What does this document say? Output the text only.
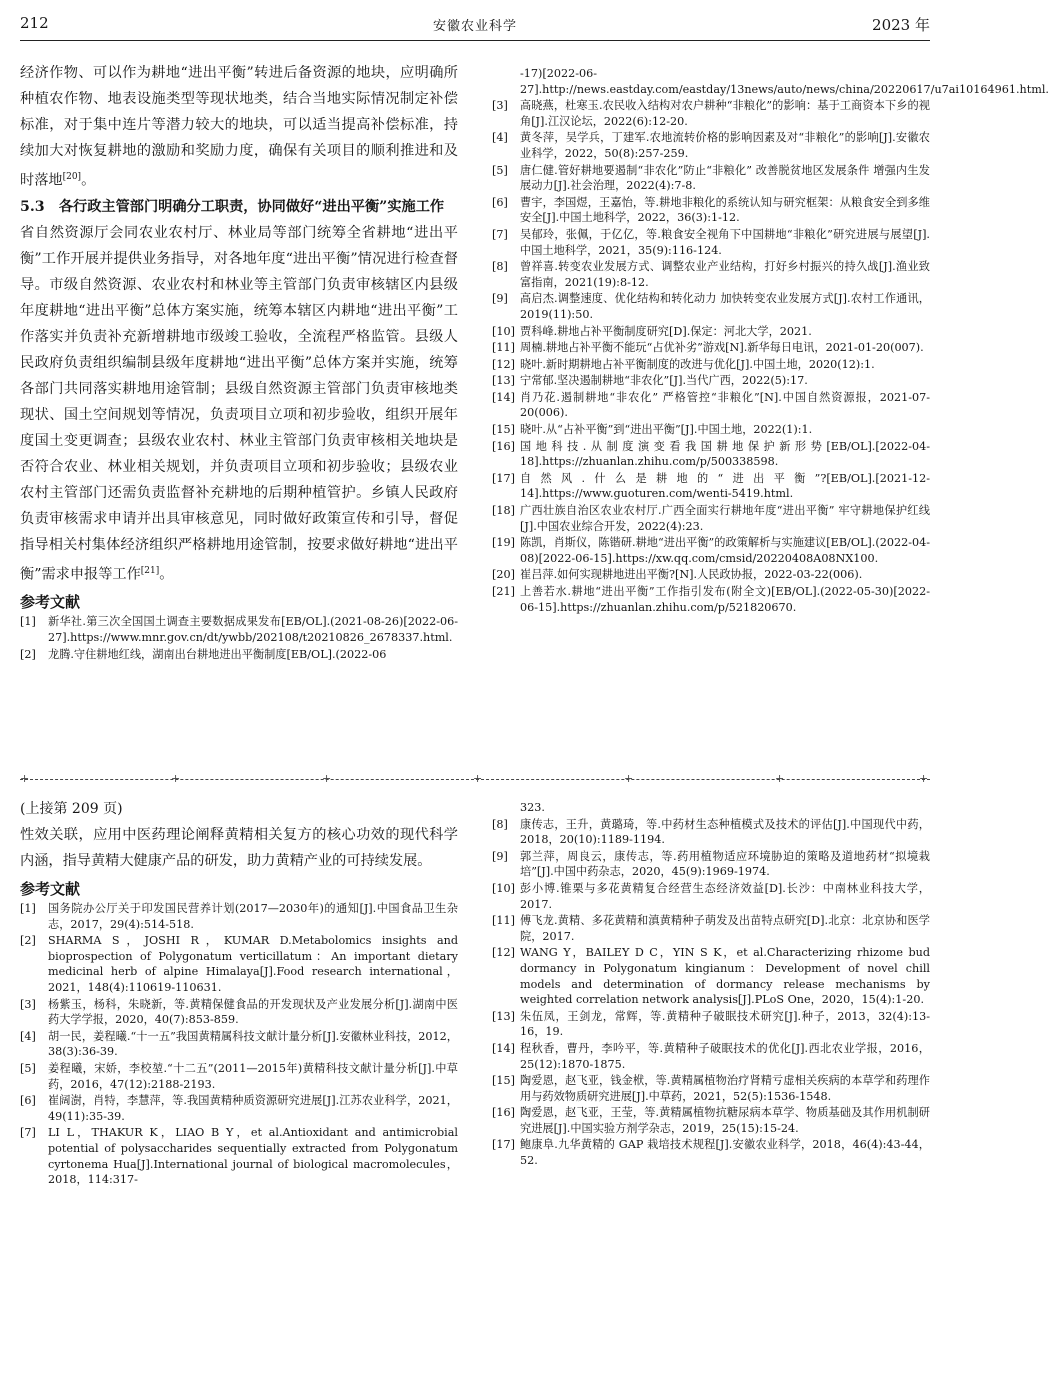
212	安徽农业科学	2023 年

经济作物、可以作为耕地“进出平衡”转进后备资源的地块，应明确所种植农作物、地表设施类型等现状地类，结合当地实际情况制定补偿标准，对于集中连片等潜力较大的地块，可以适当提高补偿标准，持续加大对恢复耕地的激励和奖励力度，确保有关项目的顺利推进和及时落地[20]。

5.3　各行政主管部门明确分工职责，协同做好“进出平衡”实施工作　省自然资源厅会同农业农村厅、林业局等部门统筹全省耕地“进出平衡”工作开展并提供业务指导，对各地年度“进出平衡”情况进行检查督导。市级自然资源、农业农村和林业等主管部门负责审核辖区内县级年度耕地“进出平衡”总体方案实施，统筹本辖区内耕地“进出平衡”工作落实并负责补充新增耕地市级竣工验收，全流程严格监管。县级人民政府负责组织编制县级年度耕地“进出平衡”总体方案并实施，统筹各部门共同落实耕地用途管制；县级自然资源主管部门负责审核地类现状、国土空间规划等情况，负责项目立项和初步验收，组织开展年度国土变更调查；县级农业农村、林业主管部门负责审核相关地块是否符合农业、林业相关规划，并负责项目立项和初步验收；县级农业农村主管部门还需负责监督补充耕地的后期种植管护。乡镇人民政府负责审核需求申请并出具审核意见，同时做好政策宣传和引导，督促指导相关村集体经济组织严格耕地用途管制，按要求做好耕地“进出平衡”需求申报等工作[21]。

参考文献
[1] 新华社.第三次全国国土调查主要数据成果发布[EB/OL].(2021-08-26)[2022-06-27].https://www.mnr.gov.cn/dt/ywbb/202108/t20210826_2678337.html.
[2] 龙腾.守住耕地红线，湖南出台耕地进出平衡制度[EB/OL].(2022-06
-17)[2022-06-27].http://news.eastday.com/eastday/13news/auto/news/china/20220617/u7ai10164961.html.
[3] 高晓燕，杜寒玉.农民收入结构对农户耕种“非粮化”的影响：基于工商资本下乡的视角[J].江汉论坛，2022(6):12-20.
[4] 黄冬萍，吴学兵，丁建军.农地流转价格的影响因素及对“非粮化”的影响[J].安徽农业科学，2022，50(8):257-259.
[5] 唐仁健.管好耕地要遏制“非农化”防止“非粮化” 改善脱贫地区发展条件 增强内生发展动力[J].社会治理，2022(4):7-8.
[6] 曹宇，李国煜，王嘉怡，等.耕地非粮化的系统认知与研究框架：从粮食安全到多维安全[J].中国土地科学，2022，36(3):1-12.
[7] 吴郁玲，张佩，于亿亿，等.粮食安全视角下中国耕地“非粮化”研究进展与展望[J].中国土地科学，2021，35(9):116-124.
[8] 曾祥喜.转变农业发展方式、调整农业产业结构，打好乡村振兴的持久战[J].渔业致富指南，2021(19):8-12.
[9] 高启杰.调整速度、优化结构和转化动力 加快转变农业发展方式[J].农村工作通讯，2019(11):50.
[10] 贾科峰.耕地占补平衡制度研究[D].保定：河北大学，2021.
[11] 周楠.耕地占补平衡不能玩“占优补劣”游戏[N].新华每日电讯，2021-01-20(007).
[12] 晓叶.新时期耕地占补平衡制度的改进与优化[J].中国土地，2020(12):1.
[13] 宁常郁.坚决遏制耕地“非农化”[J].当代广西，2022(5):17.
[14] 肖乃花.遏制耕地“非农化” 严格管控“非粮化”[N].中国自然资源报，2021-07-20(006).
[15] 晓叶.从“占补平衡”到“进出平衡”[J].中国土地，2022(1):1.
[16] 国地科技.从制度演变看我国耕地保护新形势[EB/OL].[2022-04-18].https://zhuanlan.zhihu.com/p/500338598.
[17] 自然风.什么是耕地的“进出平衡”?[EB/OL].[2021-12-14].https://www.guoturen.com/wenti-5419.html.
[18] 广西壮族自治区农业农村厅.广西全面实行耕地年度“进出平衡” 牢守耕地保护红线[J].中国农业综合开发，2022(4):23.
[19] 陈凯，肖斯仪，陈锴研.耕地“进出平衡”的政策解析与实施建议[EB/OL].(2022-04-08)[2022-06-15].https://xw.qq.com/cmsid/20220408A08NX100.
[20] 崔吕萍.如何实现耕地进出平衡?[N].人民政协报，2022-03-22(006).
[21] 上善若水.耕地“进出平衡”工作指引发布(附全文)[EB/OL].(2022-05-30)[2022-06-15].https://zhuanlan.zhihu.com/p/521820670.
+	+	+	+	+	+	+

(上接第 209 页)

性效关联，应用中医药理论阐释黄精相关复方的核心功效的现代科学内涵，指导黄精大健康产品的研发，助力黄精产业的可持续发展。

参考文献
[1] 国务院办公厅关于印发国民营养计划(2017—2030年)的通知[J].中国食品卫生杂志，2017，29(4):514-518.
[2] SHARMA S，JOSHI R，KUMAR D.Metabolomics insights and bioprospection of Polygonatum verticillatum：An important dietary medicinal herb of alpine Himalaya[J].Food research international，2021，148(4):110619-110631.
[3] 杨紫玉，杨科，朱晓新，等.黄精保健食品的开发现状及产业发展分析[J].湖南中医药大学学报，2020，40(7):853-859.
[4] 胡一民，姜程曦.“十一五”我国黄精属科技文献计量分析[J].安徽林业科技，2012，38(3):36-39.
[5] 姜程曦，宋娇，李校堃.“十二五”(2011—2015年)黄精科技文献计量分析[J].中草药，2016，47(12):2188-2193.
[6] 崔阔澍，肖特，李慧萍，等.我国黄精种质资源研究进展[J].江苏农业科学，2021，49(11):35-39.
[7] LI L，THAKUR K，LIAO B Y，et al.Antioxidant and antimicrobial potential of polysaccharides sequentially extracted from Polygonatum cyrtonema Hua[J].International journal of biological macromolecules，2018，114:317-
323.
[8] 康传志，王升，黄璐琦，等.中药材生态种植模式及技术的评估[J].中国现代中药，2018，20(10):1189-1194.
[9] 郭兰萍，周良云，康传志，等.药用植物适应环境胁迫的策略及道地药材“拟境栽培”[J].中国中药杂志，2020，45(9):1969-1974.
[10] 彭小博.锥栗与多花黄精复合经营生态经济效益[D].长沙：中南林业科技大学，2017.
[11] 傅飞龙.黄精、多花黄精和滇黄精种子萌发及出苗特点研究[D].北京：北京协和医学院，2017.
[12] WANG Y，BAILEY D C，YIN S K，et al.Characterizing rhizome bud dormancy in Polygonatum kingianum：Development of novel chill models and determination of dormancy release mechanisms by weighted correlation network analysis[J].PLoS One，2020，15(4):1-20.
[13] 朱伍凤，王剑龙，常辉，等.黄精种子破眠技术研究[J].种子，2013，32(4):13-16，19.
[14] 程秋香，曹丹，李吟平，等.黄精种子破眠技术的优化[J].西北农业学报，2016，25(12):1870-1875.
[15] 陶爱恩，赵飞亚，钱金栿，等.黄精属植物治疗肾精亏虚相关疾病的本草学和药理作用与药效物质研究进展[J].中草药，2021，52(5):1536-1548.
[16] 陶爱恩，赵飞亚，王莹，等.黄精属植物抗糖尿病本草学、物质基础及其作用机制研究进展[J].中国实验方剂学杂志，2019，25(15):15-24.
[17] 鲍康阜.九华黄精的 GAP 栽培技术规程[J].安徽农业科学，2018，46(4):43-44，52.
